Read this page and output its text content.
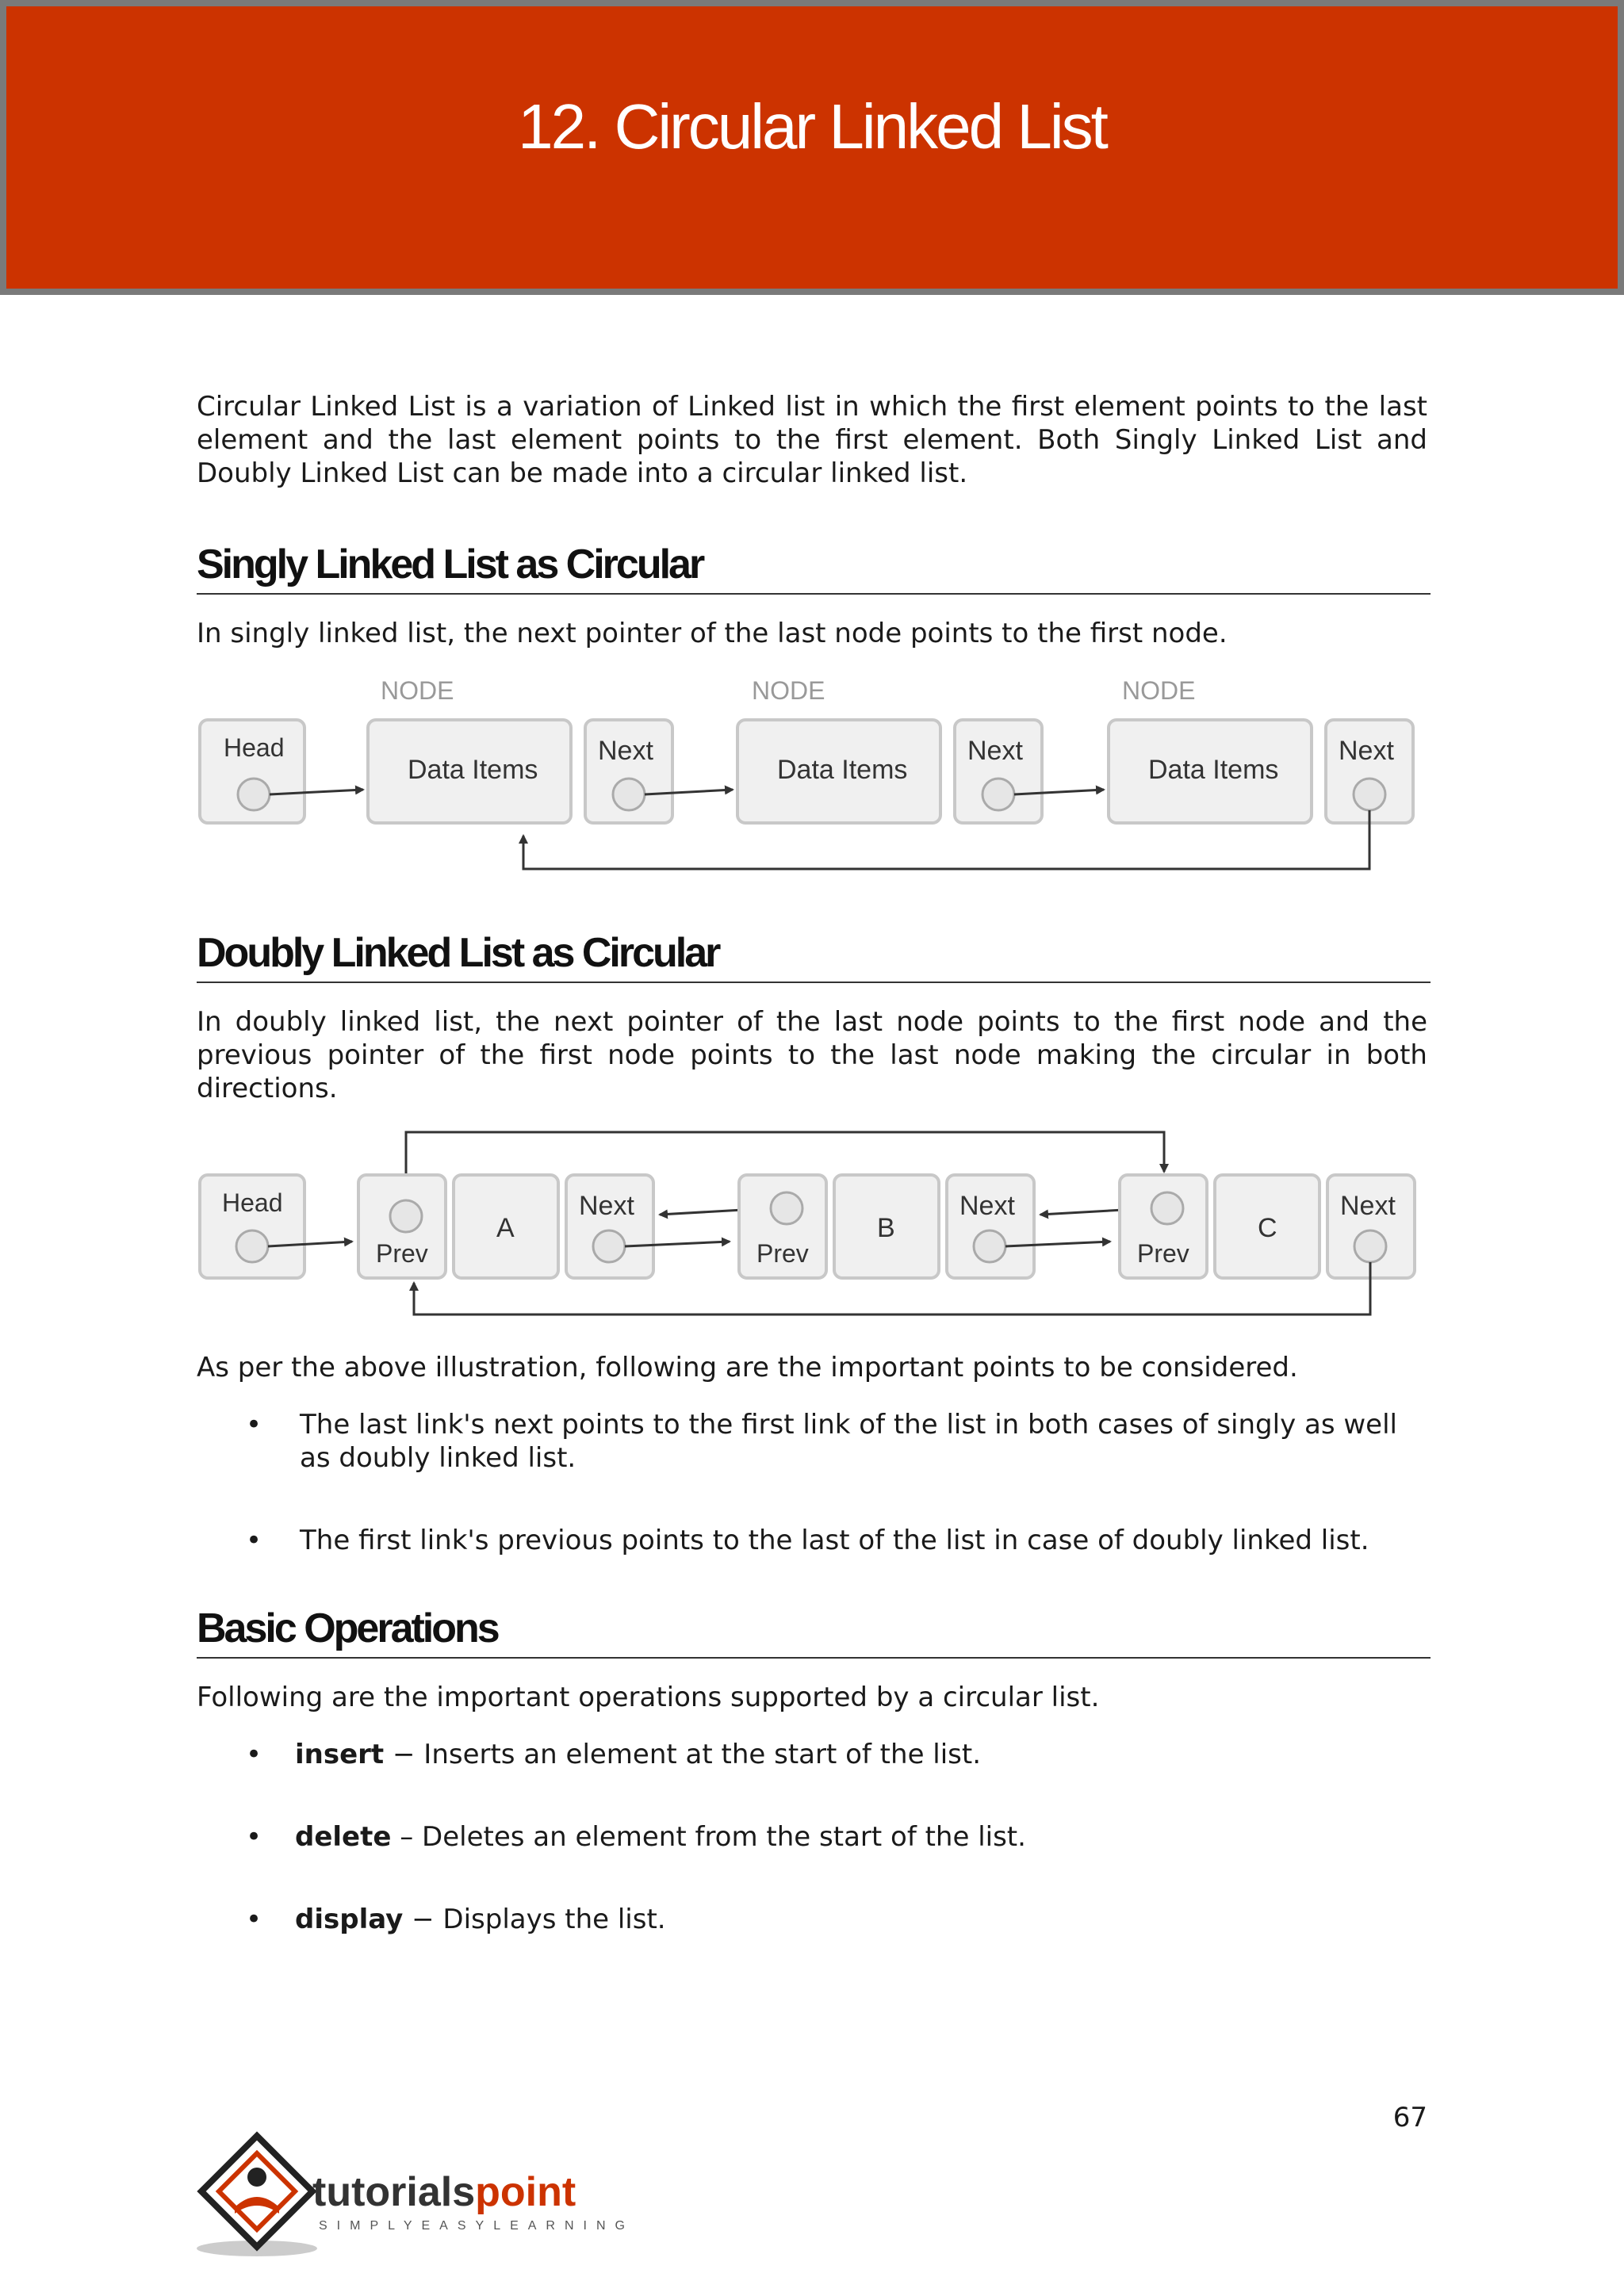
12. Circular Linked List

Circular Linked List is a variation of Linked list in which the first element points to the last element and the last element points to the first element. Both Singly Linked List and Doubly Linked List can be made into a circular linked list.

Singly Linked List as Circular

In singly linked list, the next pointer of the last node points to the first node.

NODE	NODE	NODE
Head
Data Items
Next
Data Items
Next
Data Items
Next
Doubly Linked List as Circular

In doubly linked list, the next pointer of the last node points to the first node and the previous pointer of the first node points to the last node making the circular in both directions.

Head
Prev
A
Next
Prev
B
Next
Prev
C
Next

As per the above illustration, following are the important points to be considered.

• The last link's next points to the first link of the list in both cases of singly as well as doubly linked list.
• The first link's previous points to the last of the list in case of doubly linked list.
Basic Operations

Following are the important operations supported by a circular list.

• insert − Inserts an element at the start of the list.
• delete – Deletes an element from the start of the list.
• display − Displays the list.
67
tutorialspoint
SIMPLYEASYLEARNING
